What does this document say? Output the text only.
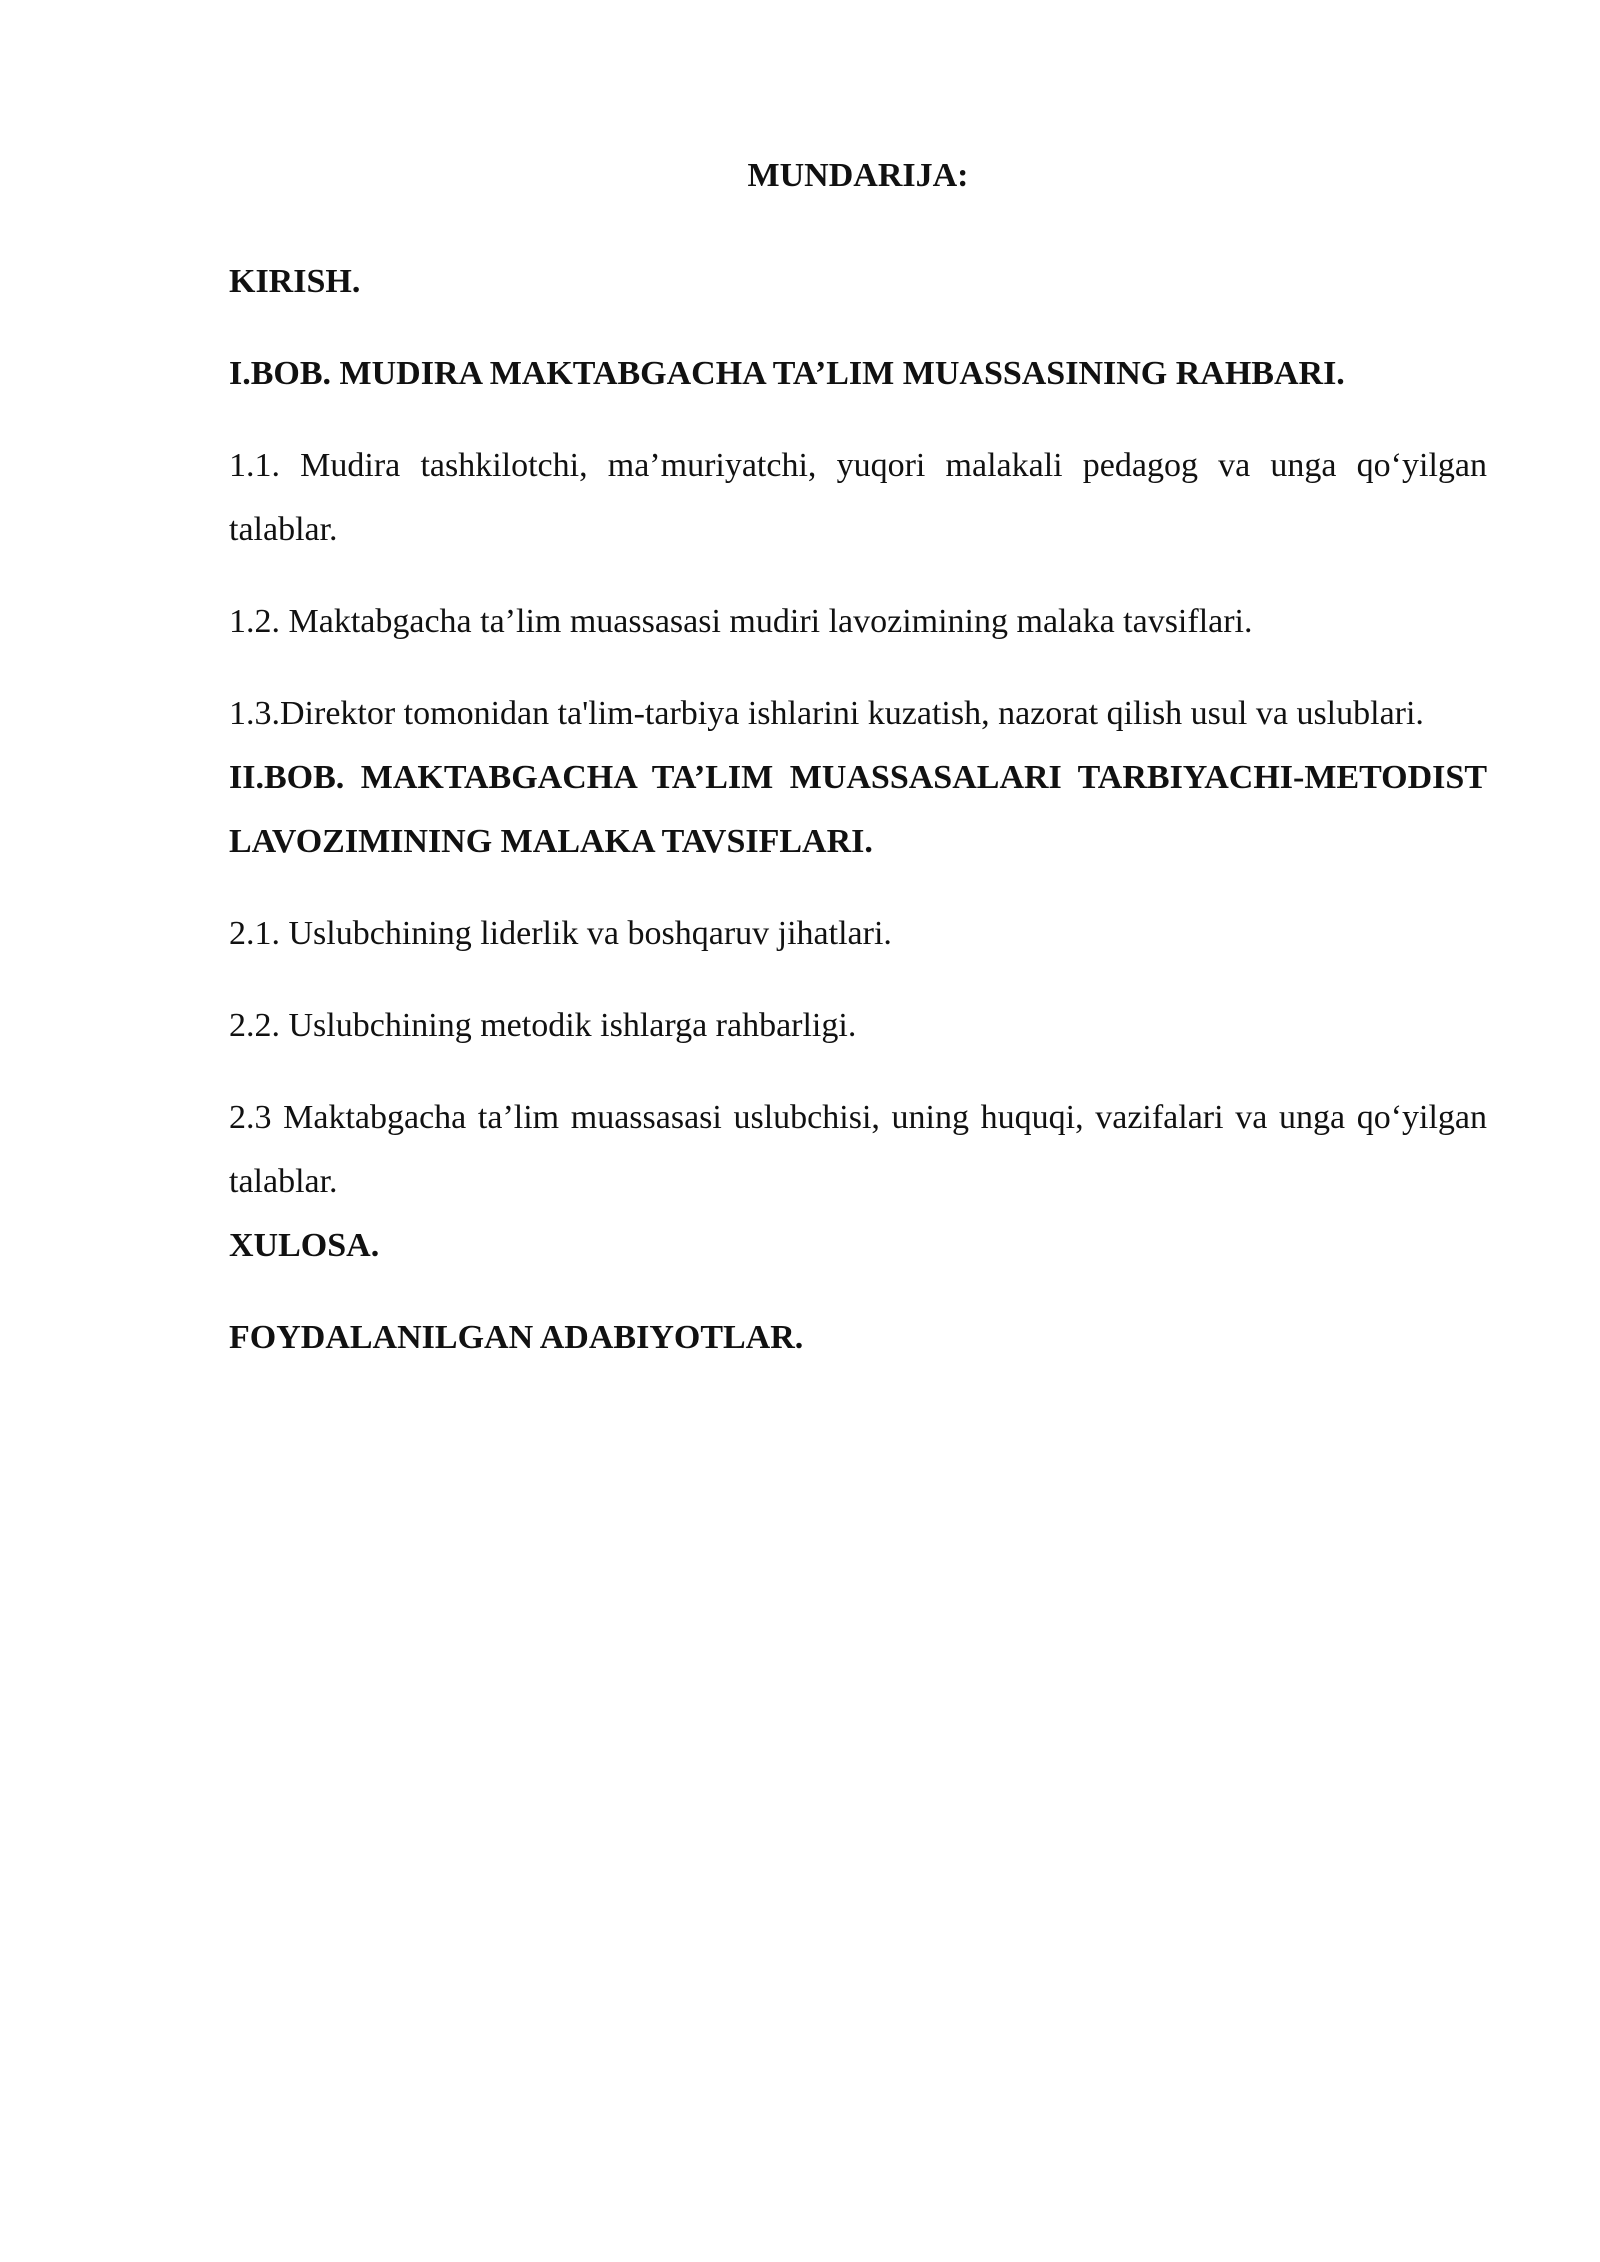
MUNDARIJA:
KIRISH.
I.BOB. MUDIRA MAKTABGACHA TA’LIM MUASSASINING RAHBARI.
1.1. Mudira tashkilotchi, ma’muriyatchi, yuqori malakali pedagog va unga qo‘yilgan talablar.
1.2. Maktabgacha ta’lim muassasasi mudiri lavozimining malaka tavsiflari.
1.3.Direktor tomonidan ta'lim-tarbiya ishlarini kuzatish, nazorat qilish usul va uslublari.
II.BOB. MAKTABGACHA TA’LIM MUASSASALARI TARBIYACHI-METODIST LAVOZIMINING MALAKA TAVSIFLARI.
2.1. Uslubchining liderlik va boshqaruv jihatlari.
2.2. Uslubchining metodik ishlarga rahbarligi.
2.3 Maktabgacha ta’lim muassasasi uslubchisi, uning huquqi, vazifalari va unga qo‘yilgan talablar.
XULOSA.
FOYDALANILGAN ADABIYOTLAR.
